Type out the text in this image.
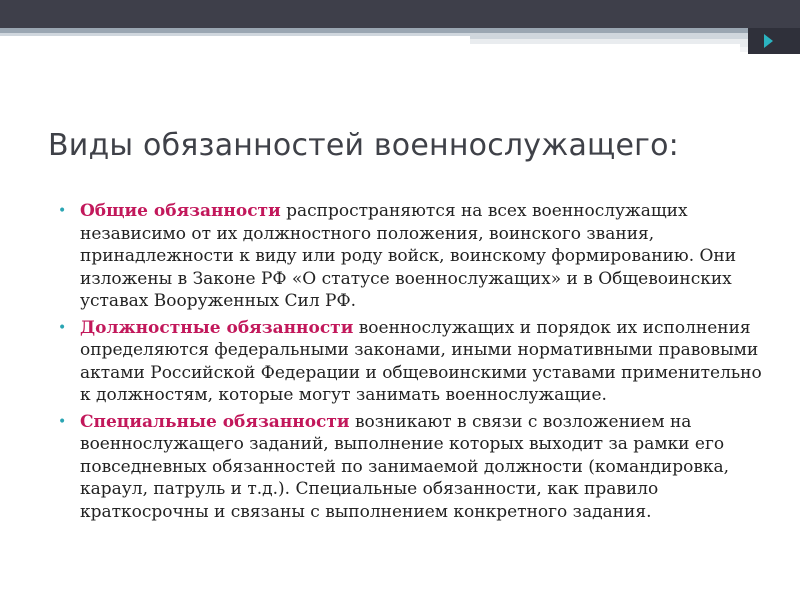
Виды обязанностей военнослужащего:
• Общие обязанности распространяются на всех военнослужащих независимо от их должностного положения, воинского звания, принадлежности к виду или роду войск, воинскому формированию. Они изложены в Законе РФ «О статусе военнослужащих» и в Общевоинских уставах Вооруженных Сил РФ.
• Должностные обязанности военнослужащих и порядок их исполнения определяются федеральными законами, иными нормативными правовыми актами Российской Федерации и общевоинскими уставами применительно к должностям, которые могут занимать военнослужащие.
• Специальные обязанности возникают в связи с возложением на военнослужащего заданий, выполнение которых выходит за рамки его повседневных обязанностей по занимаемой должности (командировка, караул, патруль и т.д.). Специальные обязанности, как правило краткосрочны и связаны с выполнением конкретного задания.
